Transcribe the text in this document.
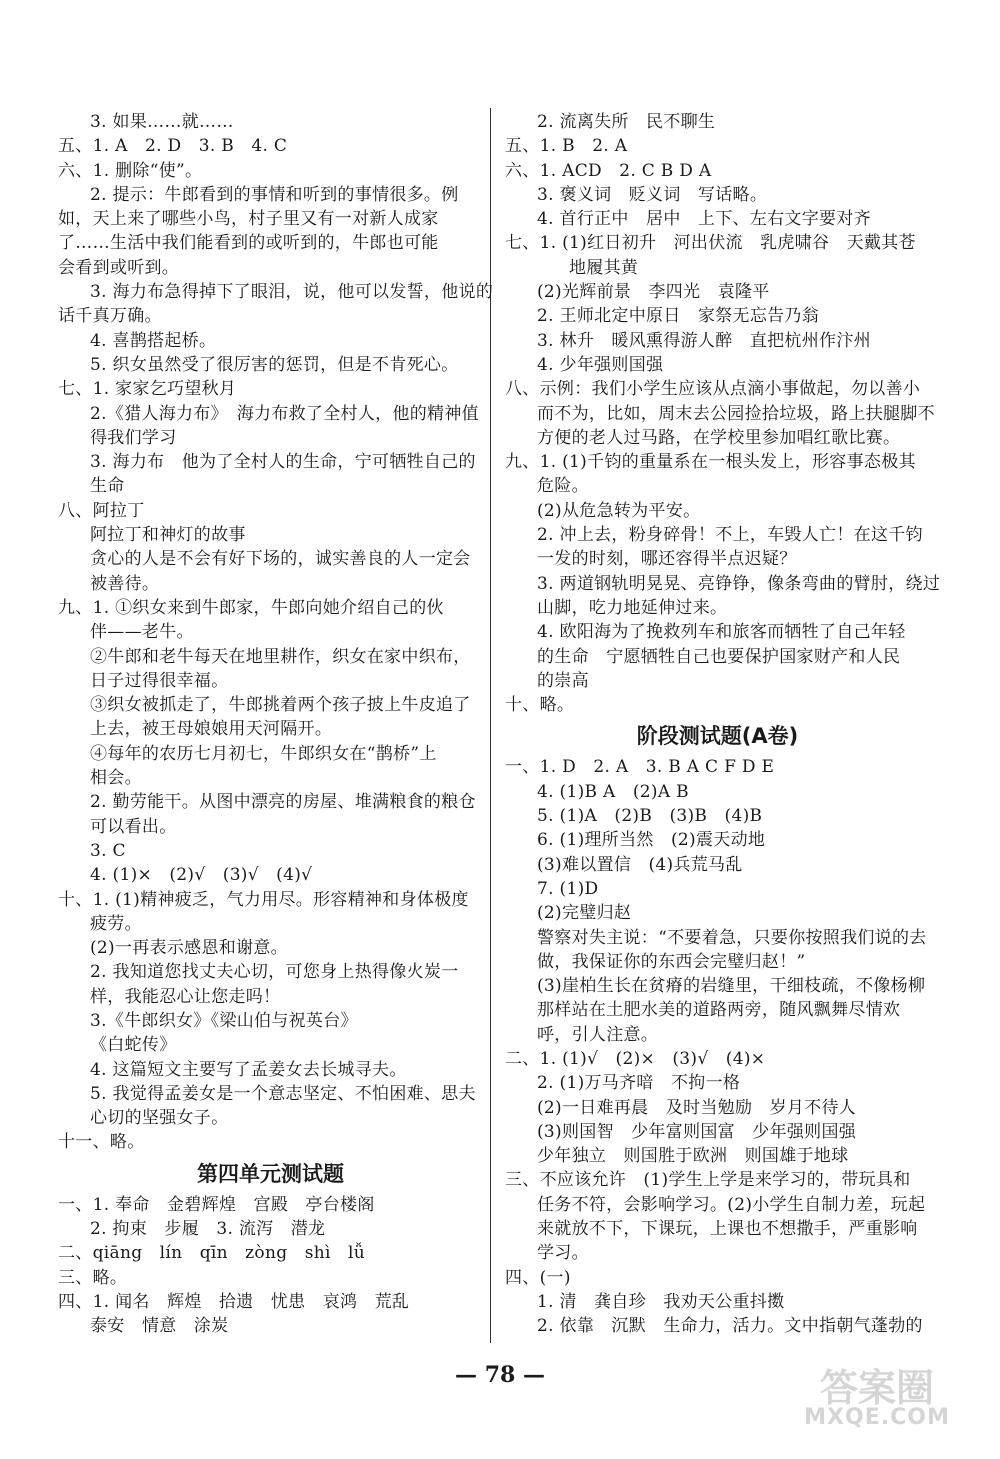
3. 如果……就……
五、1. A　2. D　3. B　4. C
六、1. 删除“使”。
2. 提示：牛郎看到的事情和听到的事情很多。例
如，天上来了哪些小鸟，村子里又有一对新人成家
了……生活中我们能看到的或听到的，牛郎也可能
会看到或听到。
3. 海力布急得掉下了眼泪，说，他可以发誓，他说的
话千真万确。
4. 喜鹊搭起桥。
5. 织女虽然受了很厉害的惩罚，但是不肯死心。
七、1. 家家乞巧望秋月
2.《猎人海力布》　海力布救了全村人，他的精神值
得我们学习
3. 海力布　他为了全村人的生命，宁可牺牲自己的
生命
八、阿拉丁
阿拉丁和神灯的故事
贪心的人是不会有好下场的，诚实善良的人一定会
被善待。
九、1. ①织女来到牛郎家，牛郎向她介绍自己的伙
伴——老牛。
②牛郎和老牛每天在地里耕作，织女在家中织布，
日子过得很幸福。
③织女被抓走了，牛郎挑着两个孩子披上牛皮追了
上去，被王母娘娘用天河隔开。
④每年的农历七月初七，牛郎织女在“鹊桥”上
相会。
2. 勤劳能干。从图中漂亮的房屋、堆满粮食的粮仓
可以看出。
3. C
4. (1)×　(2)√　(3)√　(4)√
十、1. (1)精神疲乏，气力用尽。形容精神和身体极度
疲劳。
(2)一再表示感恩和谢意。
2. 我知道您找丈夫心切，可您身上热得像火炭一
样，我能忍心让您走吗！
3.《牛郎织女》《梁山伯与祝英台》
《白蛇传》
4. 这篇短文主要写了孟姜女去长城寻夫。
5. 我觉得孟姜女是一个意志坚定、不怕困难、思夫
心切的坚强女子。
十一、略。
第四单元测试题
一、1. 奉命　金碧辉煌　宫殿　亭台楼阁
2. 拘束　步履　3. 流泻　潜龙
二、qiāng　lín　qīn　zòng　shì　lǚ
三、略。
四、1. 闻名　辉煌　拾遗　忧患　哀鸿　荒乱
泰安　情意　涂炭
2. 流离失所　民不聊生
五、1. B　2. A
六、1. ACD　2. C B D A
3. 褒义词　贬义词　写话略。
4. 首行正中　居中　上下、左右文字要对齐
七、1. (1)红日初升　河出伏流　乳虎啸谷　天戴其苍
地履其黄
(2)光辉前景　李四光　袁隆平
2. 王师北定中原日　家祭无忘告乃翁
3. 林升　暖风熏得游人醉　直把杭州作汴州
4. 少年强则国强
八、示例：我们小学生应该从点滴小事做起，勿以善小
而不为，比如，周末去公园捡拾垃圾，路上扶腿脚不
方便的老人过马路，在学校里参加唱红歌比赛。
九、1. (1)千钧的重量系在一根头发上，形容事态极其
危险。
(2)从危急转为平安。
2. 冲上去，粉身碎骨！不上，车毁人亡！在这千钧
一发的时刻，哪还容得半点迟疑？
3. 两道钢轨明晃晃、亮铮铮，像条弯曲的臂肘，绕过
山脚，吃力地延伸过来。
4. 欧阳海为了挽救列车和旅客而牺牲了自己年轻
的生命　宁愿牺牲自己也要保护国家财产和人民
的崇高
十、略。
阶段测试题(A卷)
一、1. D　2. A　3. B A C F D E
4. (1)B A　(2)A B
5. (1)A　(2)B　(3)B　(4)B
6. (1)理所当然　(2)震天动地
(3)难以置信　(4)兵荒马乱
7. (1)D
(2)完璧归赵
警察对失主说：“不要着急，只要你按照我们说的去
做，我保证你的东西会完璧归赵！”
(3)崖柏生长在贫瘠的岩缝里，干细枝疏，不像杨柳
那样站在土肥水美的道路两旁，随风飘舞尽情欢
呼，引人注意。
二、1. (1)√　(2)×　(3)√　(4)×
2. (1)万马齐喑　不拘一格
(2)一日难再晨　及时当勉励　岁月不待人
(3)则国智　少年富则国富　少年强则国强
少年独立　则国胜于欧洲　则国雄于地球
三、不应该允许　(1)学生上学是来学习的，带玩具和
任务不符，会影响学习。(2)小学生自制力差，玩起
来就放不下，下课玩，上课也不想撒手，严重影响
学习。
四、(一)
1. 清　龚自珍　我劝天公重抖擞
2. 依靠　沉默　生命力，活力。文中指朝气蓬勃的
— 78 —	答案圈
MXQE.COM
